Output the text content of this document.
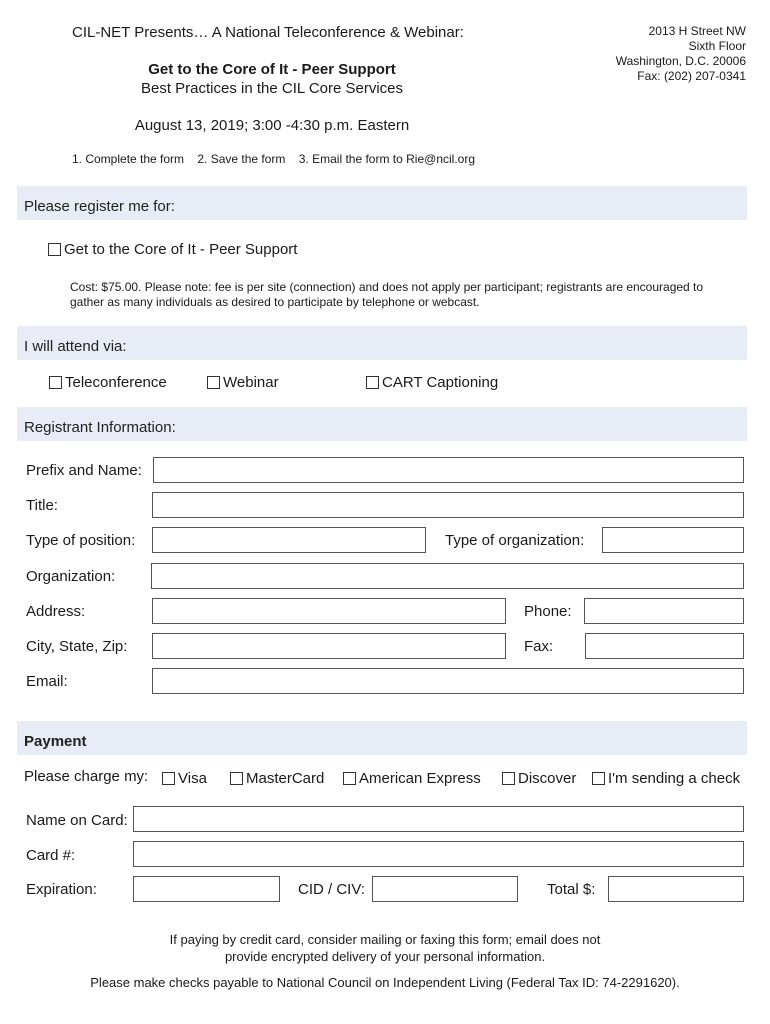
CIL-NET Presents… A National Teleconference & Webinar:
Get to the Core of It - Peer Support
Best Practices in the CIL Core Services
August 13, 2019; 3:00 -4:30 p.m. Eastern
1. Complete the form    2. Save the form    3. Email the form to Rie@ncil.org
2013 H Street NW
Sixth Floor
Washington, D.C. 20006
Fax: (202) 207-0341
Please register me for:
Get to the Core of It - Peer Support
Cost: $75.00. Please note: fee is per site (connection) and does not apply per participant; registrants are encouraged to
gather as many individuals as desired to participate by telephone or webcast.
I will attend via:
Teleconference	Webinar	CART Captioning
Registrant Information:
Prefix and Name:
Title:
Type of position:	Type of organization:
Organization:
Address:	Phone:
City, State, Zip:	Fax:
Email:
Payment
Please charge my: Visa	MasterCard American Express Discover I'm sending a check
Name on Card:
Card #:
Expiration:	CID / CIV:	Total $:
If paying by credit card, consider mailing or faxing this form; email does not
provide encrypted delivery of your personal information.
Please make checks payable to National Council on Independent Living (Federal Tax ID: 74-2291620).
